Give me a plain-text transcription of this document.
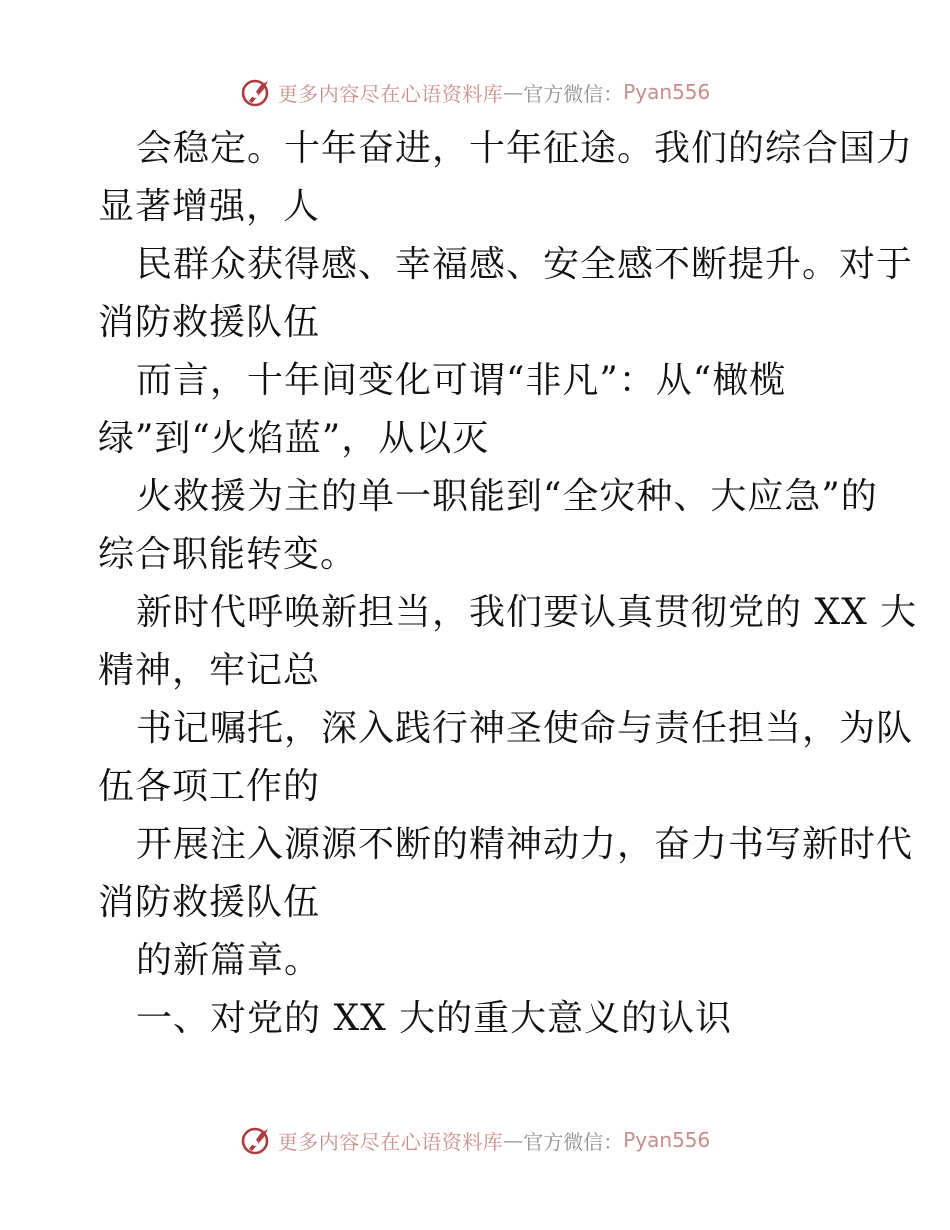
更多内容尽在心语资料库 — 官方微信： Pyan556
会稳定。十年奋进，十年征途。我们的综合国力
显著增强，人
民群众获得感、幸福感、安全感不断提升。对于
消防救援队伍
而言，十年间变化可谓“非凡”：从“橄榄
绿”到“火焰蓝”，从以灭
火救援为主的单一职能到“全灾种、大应急”的
综合职能转变。
新时代呼唤新担当，我们要认真贯彻党的 XX 大
精神，牢记总
书记嘱托，深入践行神圣使命与责任担当，为队
伍各项工作的
开展注入源源不断的精神动力，奋力书写新时代
消防救援队伍
的新篇章。
一、对党的 XX 大的重大意义的认识
更多内容尽在心语资料库 — 官方微信： Pyan556
